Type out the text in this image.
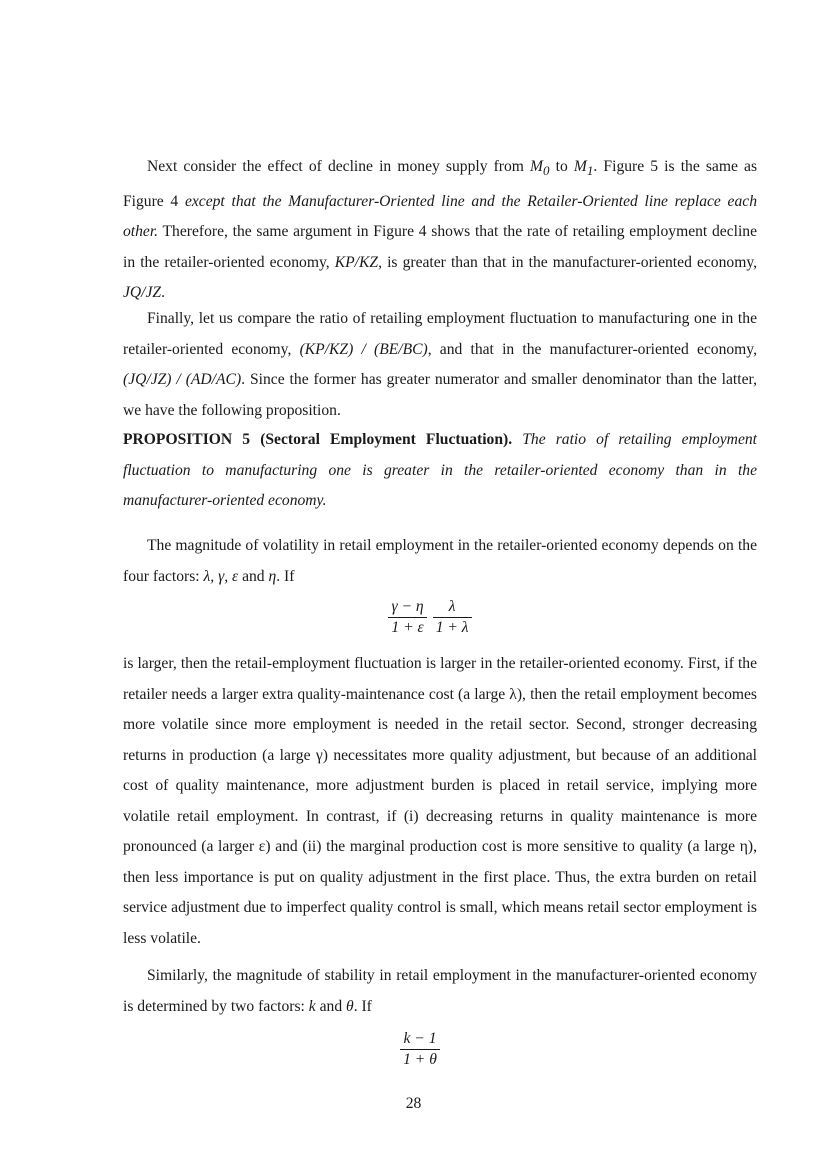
Next consider the effect of decline in money supply from $M_0$ to $M_1$. Figure 5 is the same as Figure 4 except that the Manufacturer-Oriented line and the Retailer-Oriented line replace each other. Therefore, the same argument in Figure 4 shows that the rate of retailing employment decline in the retailer-oriented economy, KP/KZ, is greater than that in the manufacturer-oriented economy, JQ/JZ.

Finally, let us compare the ratio of retailing employment fluctuation to manufacturing one in the retailer-oriented economy, (KP/KZ) / (BE/BC), and that in the manufacturer-oriented economy, (JQ/JZ) / (AD/AC). Since the former has greater numerator and smaller denominator than the latter, we have the following proposition.

PROPOSITION 5 (Sectoral Employment Fluctuation). The ratio of retailing employment fluctuation to manufacturing one is greater in the retailer-oriented economy than in the manufacturer-oriented economy.

The magnitude of volatility in retail employment in the retailer-oriented economy depends on the four factors: λ, γ, ε and η. If

$\frac{\gamma - \eta}{1 + \varepsilon} \frac{\lambda}{1 + \lambda}$

is larger, then the retail-employment fluctuation is larger in the retailer-oriented economy. First, if the retailer needs a larger extra quality-maintenance cost (a large λ), then the retail employment becomes more volatile since more employment is needed in the retail sector. Second, stronger decreasing returns in production (a large γ) necessitates more quality adjustment, but because of an additional cost of quality maintenance, more adjustment burden is placed in retail service, implying more volatile retail employment. In contrast, if (i) decreasing returns in quality maintenance is more pronounced (a larger ε) and (ii) the marginal production cost is more sensitive to quality (a large η), then less importance is put on quality adjustment in the first place. Thus, the extra burden on retail service adjustment due to imperfect quality control is small, which means retail sector employment is less volatile.

Similarly, the magnitude of stability in retail employment in the manufacturer-oriented economy is determined by two factors: k and θ. If

$\frac{k - 1}{1 + \theta}$
28
